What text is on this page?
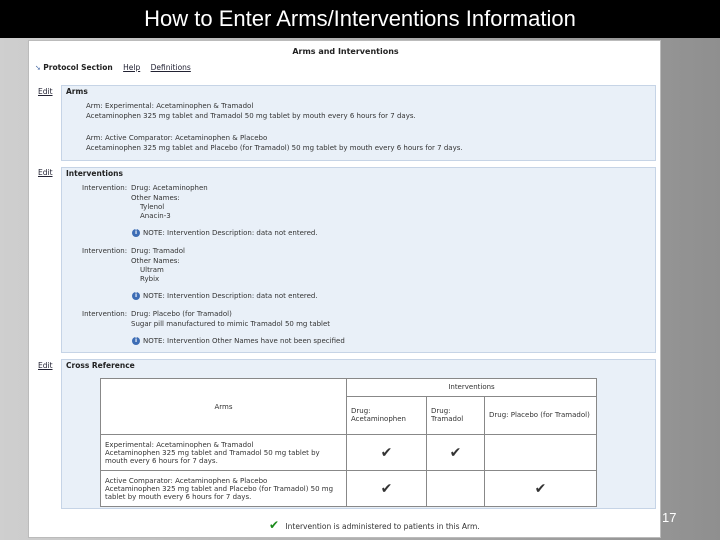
How to Enter Arms/Interventions Information
Arms and Interventions
➘ Protocol Section Help Definitions
Edit Arms
Arm: Experimental: Acetaminophen & Tramadol
Acetaminophen 325 mg tablet and Tramadol 50 mg tablet by mouth every 6 hours for 7 days.
Arm: Active Comparator: Acetaminophen & Placebo
Acetaminophen 325 mg tablet and Placebo (for Tramadol) 50 mg tablet by mouth every 6 hours for 7 days.
Edit Interventions
Intervention: Drug: Acetaminophen
Other Names:
Tylenol
Anacin-3
i NOTE: Intervention Description: data not entered.
Intervention: Drug: Tramadol
Other Names:
Ultram
Rybix
i NOTE: Intervention Description: data not entered.
Intervention: Drug: Placebo (for Tramadol)
Sugar pill manufactured to mimic Tramadol 50 mg tablet
i NOTE: Intervention Other Names have not been specified
Edit Cross Reference
Arms	Interventions		
	Drug: Acetaminophen	Drug: Tramadol	Drug: Placebo (for Tramadol)

Experimental: Acetaminophen & Tramadol
Acetaminophen 325 mg tablet and Tramadol 50 mg tablet by mouth every 6 hours for 7 days.	✔	✔	

Active Comparator: Acetaminophen & Placebo
Acetaminophen 325 mg tablet and Placebo (for Tramadol) 50 mg tablet by mouth every 6 hours for 7 days.	✔		✔
✔ Intervention is administered to patients in this Arm.
17
